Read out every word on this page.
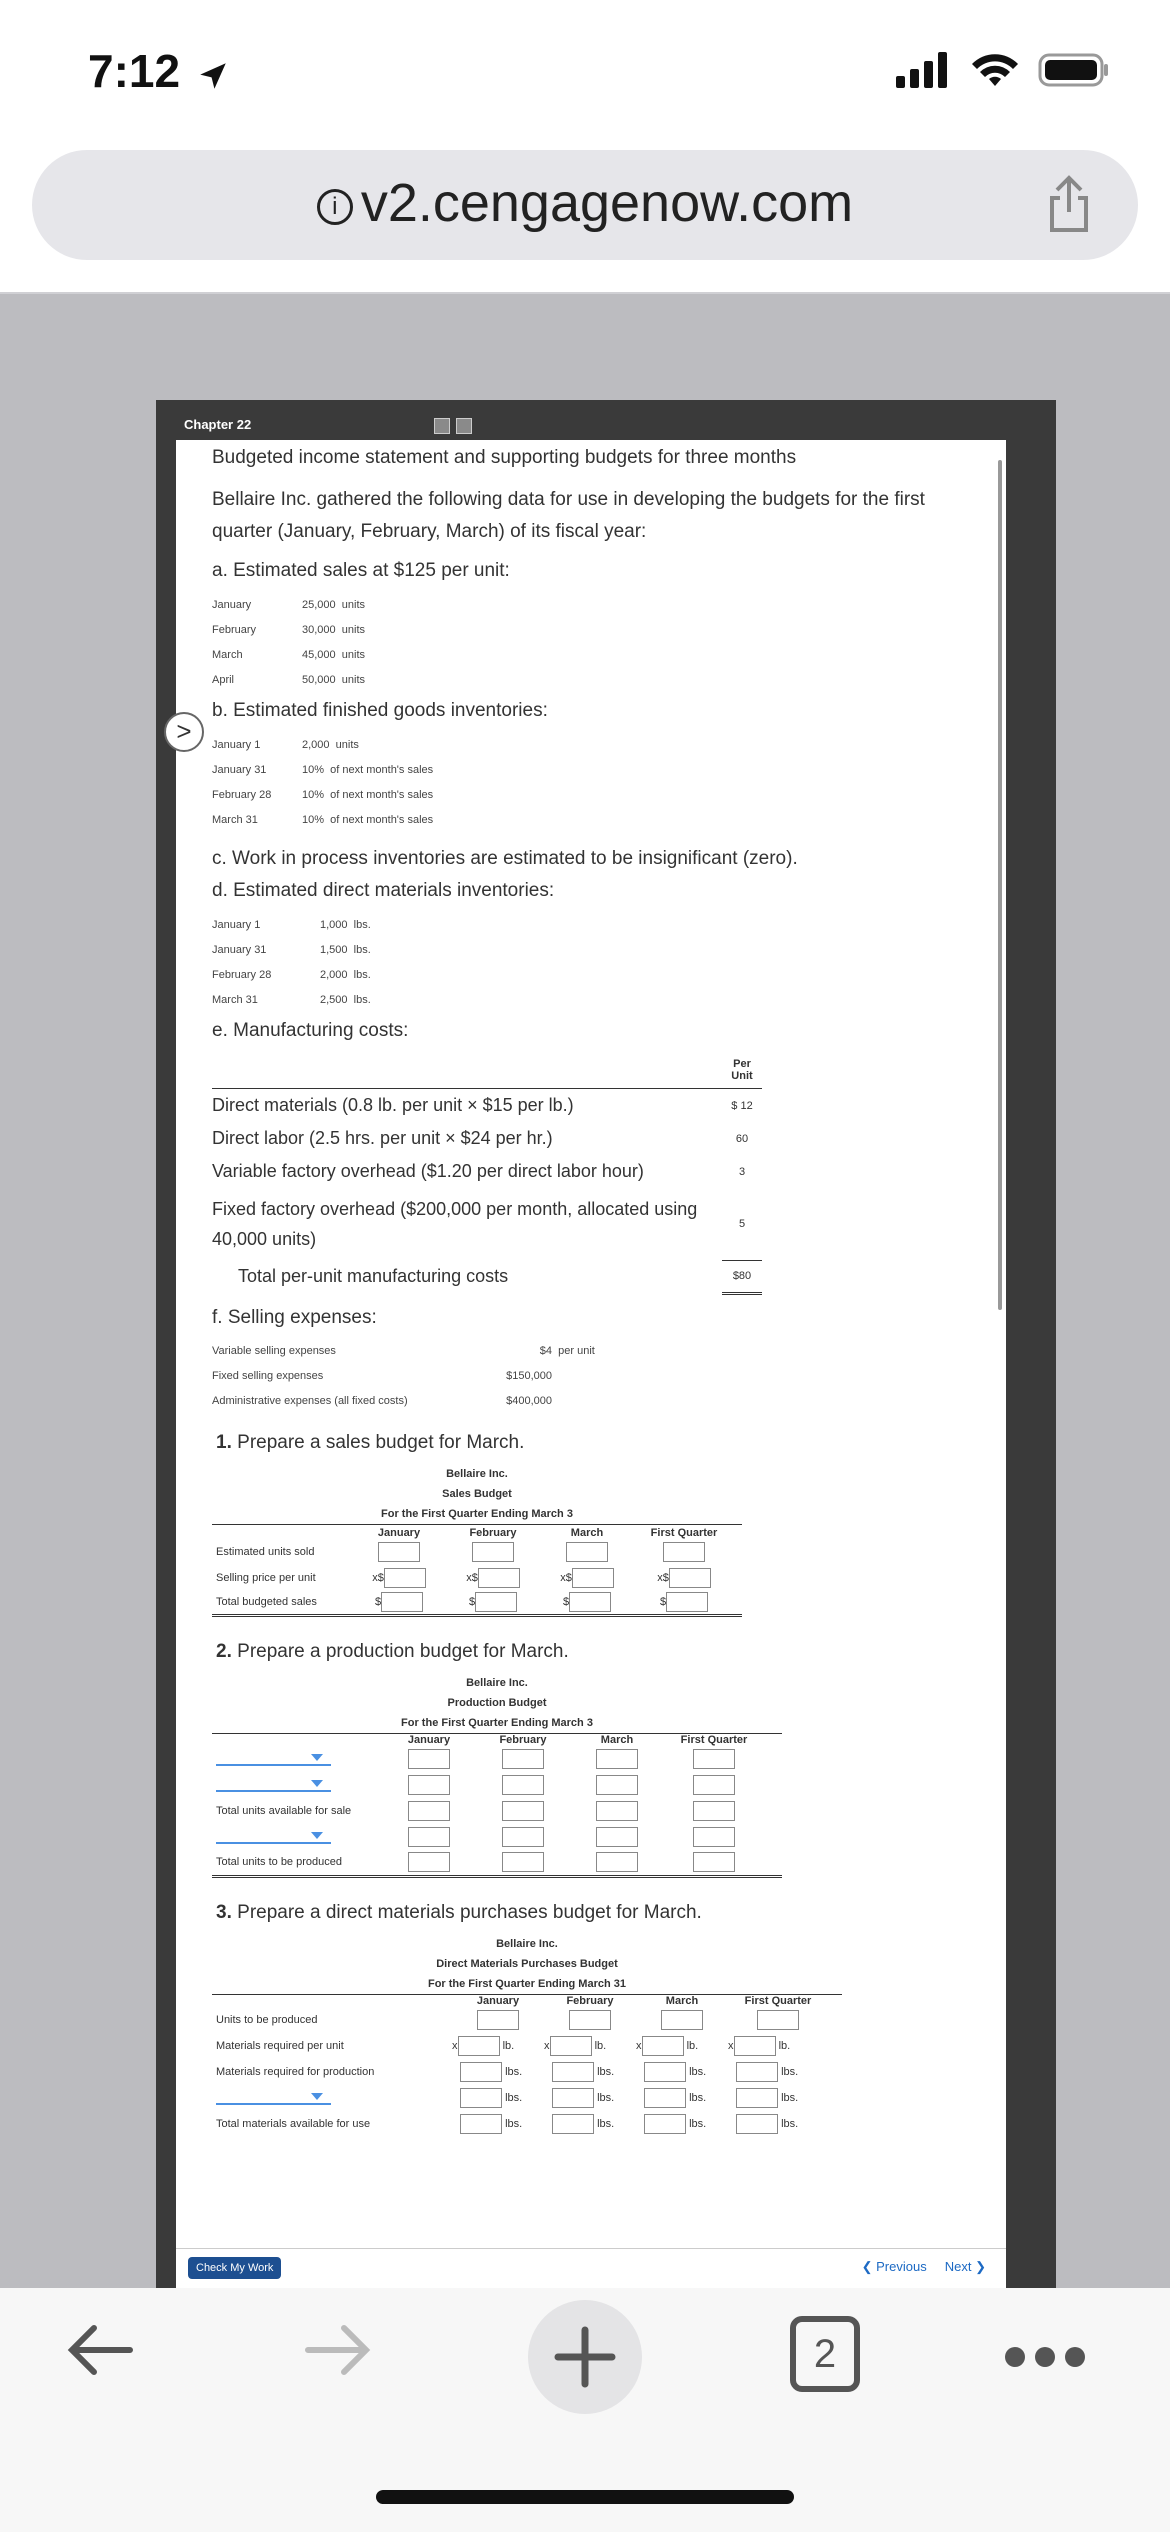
7:12
i v2.cengagenow.com
>
Chapter 22
Budgeted income statement and supporting budgets for three months
Bellaire Inc. gathered the following data for use in developing the budgets for the first quarter (January, February, March) of its fiscal year:
a. Estimated sales at $125 per unit:
January	25,000
units
February	30,000
units
March	45,000
units
April	50,000
units
b. Estimated finished goods inventories:
January 1	2,000
units
January 31	10%
of next month's sales
February 28	10%
of next month's sales
March 31	10%
of next month's sales
c. Work in process inventories are estimated to be insignificant (zero).
d. Estimated direct materials inventories:
January 1	1,000
lbs.
January 31	1,500
lbs.
February 28	2,000
lbs.
March 31	2,500
lbs.
e. Manufacturing costs:
	Per Unit
Direct materials (0.8 lb. per unit × $15 per lb.)	$ 12
Direct labor (2.5 hrs. per unit × $24 per hr.)	60
Variable factory overhead ($1.20 per direct labor hour)	3
Fixed factory overhead ($200,000 per month, allocated using 40,000 units)	5
Total per-unit manufacturing costs	$80
f. Selling expenses:
Variable selling expenses	$4
per unit
Fixed selling expenses	$150,000
Administrative expenses (all fixed costs)	$400,000
1. Prepare a sales budget for March.
Bellaire Inc.
Sales Budget
For the First Quarter Ending March 3
January	February	March	First Quarter
Estimated units sold
Selling price per unit	x$	x$	x$	x$
Total budgeted sales	$	$	$	$
2. Prepare a production budget for March.
Bellaire Inc.
Production Budget
For the First Quarter Ending March 3
January	February	March	First Quarter
Total units available for sale
Total units to be produced
3. Prepare a direct materials purchases budget for March.
Bellaire Inc.
Direct Materials Purchases Budget
For the First Quarter Ending March 31
January	February	March	First Quarter
Units to be produced
Materials required per unit	x	lb.	x	lb.	x	lb.	x	lb.
Materials required for production	lbs.	lbs.	lbs.	lbs.
lbs.	lbs.	lbs.	lbs.
Total materials available for use	lbs.	lbs.	lbs.	lbs.
Check My Work	❮ Previous Next ❯
2
